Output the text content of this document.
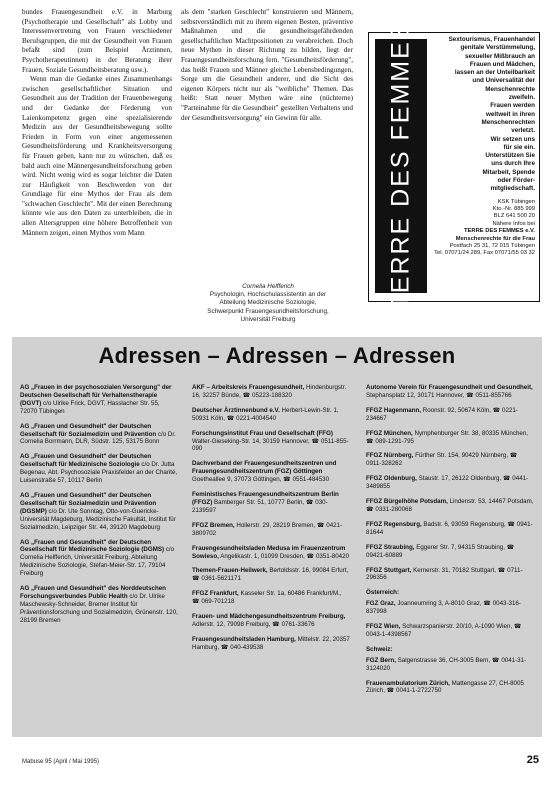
bundes Frauengesundheit e.V. in Marburg (Psychotherapie und Gesellschaft" als Lobby und Interessenvertretung von Frauen verschiedener Berufsgruppen, die mit der Gesundheit von Frauen befaßt sind (zum Beispiel Ärztinnen, Psychotherapeutinnen) in der Beratung ihrer Frauen, Soziale Gesundheitsberatung usw.).

Wenn man die Gedanke eines Zusammenhangs zwischen gesellschaftlicher Situation und Gesundheit aus der Tradition der Frauenbewegung und der Gedanke der Förderung von Laienkompetenz gegen eine spezialisierende Medizin aus der Gesundheitsbewegung sollte Frieden in Form von einer angemessenen Gesundheitsförderung und Krankheitsversorgung für Frauen geben, kann nur zu wünschen, daß es bald auch eine Männergesundheitsforschung geben wird. Nicht wenig wird es sogar leichter die Daten zur Häufigkeit von Beschwerden von der Grundlage für eine Mythos der Frau als dem "schwachen Geschlecht". Mit der einen Berechnung könnte wie aus den Daten zu unterbleiben, die in allen Altersgruppen eine höhere Betroffenheit von Männern zeigen, einen Mythos vom Mann

als dem "starken Geschlecht" konstruieren und Männern, selbstverständlich mit zu ihrem eigenen Besten, präventive Maßnahmen und die gesundheitsgefährdenden gesellschaftlichen Machtpositionen zu verabreichen. Doch neue Mythen in dieser Richtung zu bilden, liegt der Frauengesundheitsforschung fern. "Gesundheitsförderung", das heißt Frauen und Männer gleiche Lebensbedingungen, Sorge um die Gesundheit anderer, und die Sicht des eigenen Körpers nicht nur als "weibliche" Themen. Das heißt: Statt neuer Mythen wäre eine (nüchterne) "Parteinahme für die Gesundheit" gestellten Verhaltens und der Gesundheitsversorgung" ein Gewinn für alle.

Cornelia Helfferich
Psychologin, Hochschulassistentin an der
Abteilung Medizinische Soziologie,
Schwerpunkt Frauengesundheitsforschung,
Universität Freiburg
TERRE DES FEMMES	Sextourismus, Frauenhandel
genitale Verstümmelung,
sexueller Mißbrauch an
Frauen und Mädchen,
lassen an der Unteilbarkeit
und Universalität der
Menschenrechte
zweifeln.
Frauen werden
weltweit in ihren
Menschenrechten
verletzt.
Wir setzen uns
für sie ein.
Unterstützen Sie
uns durch Ihre
Mitarbeit, Spende
oder Förder-
mitgliedschaft.
KSK Tübingen
Kto.-Nr. 885 999
BLZ 641 500 20
Nähere Infos bei
TERRE DES FEMMES e.V.
Menschenrechte für die Frau
Postfach 25 31, 72 015 Tübingen
Tel. 07071/24 289, Fax 07071/55 03 32
Adressen – Adressen – Adressen
AG „Frauen in der psychosozialen Versorgung" der Deutschen Gesellschaft für Verhaltenstherapie (DGVT) c/o Ulrike Frick, DGVT, Hasslacher Str. 55, 72070 Tübingen
AG „Frauen und Gesundheit" der Deutschen Gesellschaft für Sozialmedizin und Prävention c/o Dr. Cornelia Borrmann, DLR, Südstr. 125, 53175 Bonn
AG „Frauen und Gesundheit" der Deutschen Gesellschaft für Medizinische Soziologie c/o Dr. Jutta Begenau, Abt. Psychosoziale Praxisfelder an der Charité, Luisenstraße 57, 10117 Berlin
AG „Frauen und Gesundheit" der Deutschen Gesellschaft für Sozialmedizin und Prävention (DGSMP) c/o Dr. Ute Sonntag, Otto-von-Guericke-Universität Magdeburg, Medizinische Fakultät, Institut für Sozialmedizin, Leipziger Str. 44, 39120 Magdeburg
AG „Frauen und Gesundheit" der Deutschen Gesellschaft für Medizinische Soziologie (DGMS) c/o Cornelia Helfferich, Universität Freiburg, Abteilung Medizinische Soziologie, Stefan-Meier-Str. 17, 79104 Freiburg
AG „Frauen und Gesundheit" des Norddeutschen Forschungsverbundes Public Health c/o Dr. Ulrike Maschewsky-Schneider, Bremer Institut für Präventionsforschung und Sozialmedizin, Grünenstr. 120, 28199 Bremen
AKF – Arbeitskreis Frauengesundheit, Hindenburgstr. 16, 32257 Bünde, ☎ 05223-188320
Deutscher Ärztinnenbund e.V. Herbert-Lewin-Str. 1, 50931 Köln, ☎ 0221-4004540
Forschungsinstitut Frau und Gesellschaft (FFG) Walter-Gieseking-Str. 14, 30159 Hannover, ☎ 0511-855-090
Dachverband der Frauengesundheitszentren und Frauengesundheitszentrum (FGZ) Göttingen Goetheallee 9, 37073 Göttingen, ☎ 0551-484530
Feministisches Frauengesundheitszentrum Berlin (FFGZ) Bamberger Str. 51, 10777 Berlin, ☎ 030-2139597
FFGZ Bremen, Hollerstr. 29, 28219 Bremen, ☎ 0421-3809702
Frauengesundheitsladen Medusa im Frauenzentrum Sowieso, Angelikastr. 1, 01099 Dresden, ☎ 0351-80420
Themen-Frauen-Heilwerk, Bertoldsstr. 16, 99084 Erfurt, ☎ 0361-5621171
FFGZ Frankfurt, Kasseler Str. 1a, 60486 Frankfurt/M., ☎ 069-701218
Frauen- und Mädchengesundheitszentrum Freiburg, Adlerstr. 12, 79098 Freiburg, ☎ 0761-33676
Frauengesundheitsladen Hamburg, Mittelstr. 22, 20357 Hamburg, ☎ 040-439538
Autonome Verein für Frauengesundheit und Gesundheit, Stephansplatz 12, 30171 Hannover, ☎ 0511-855766
FFGZ Hagenmann, Roonstr. 92, 50674 Köln, ☎ 0221-234667
FFGZ München, Nymphenburger Str. 38, 80335 München, ☎ 089-1291-795
FFGZ Nürnberg, Fürther Str. 154, 90429 Nürnberg, ☎ 0911-328262
FFGZ Oldenburg, Staustr. 17, 26122 Oldenburg, ☎ 0441-3489855
FFGZ Bürgelhöhe Potsdam, Lindenstr. 53, 14467 Potsdam, ☎ 0331-280068
FFGZ Regensburg, Badstr. 6, 93059 Regensburg, ☎ 0941-81644
FFGZ Straubing, Eggerer Str. 7, 94315 Straubing, ☎ 09421-60889
FFGZ Stuttgart, Kernerstr. 31, 70182 Stuttgart, ☎ 0711-296356
Österreich:
FGZ Graz, Joanneumring 3, A-8010 Graz, ☎ 0043-316-837998
FFGZ Wien, Schwarzspanierstr. 20/10, A-1090 Wien, ☎ 0043-1-4398567
Schweiz:
FGZ Bern, Salgenstrasse 36, CH-3005 Bern, ☎ 0041-31-3124020
Frauenambulatorium Zürich, Mattengasse 27, CH-8005 Zürich, ☎ 0041-1-2722750
Mabuse 95 (April / Mai 1995)	25
